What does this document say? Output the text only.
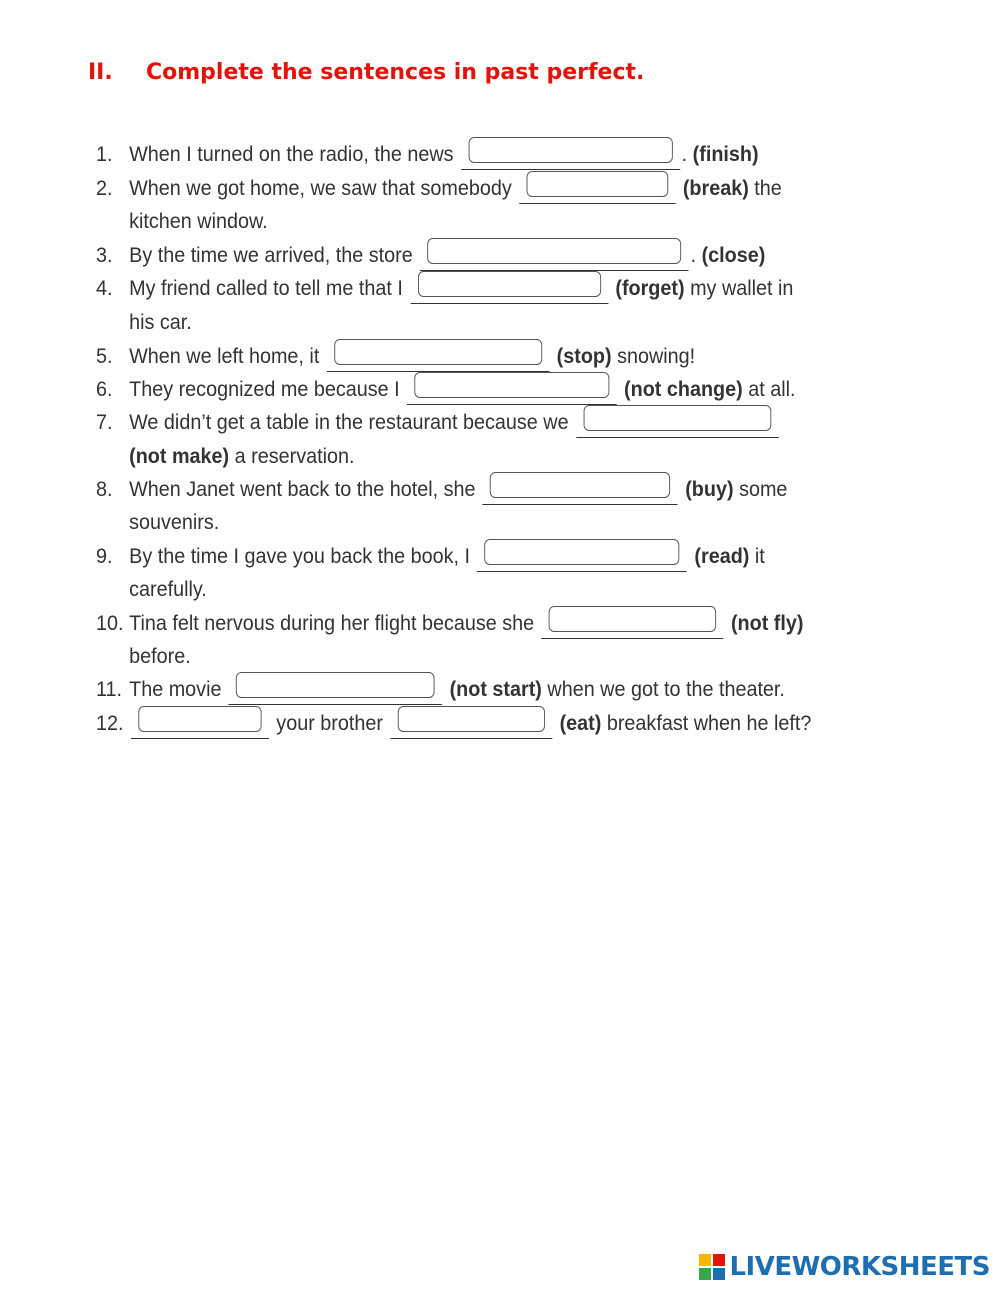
II. Complete the sentences in past perfect.
1. When I turned on the radio, the news	. (finish)
2. When we got home, we saw that somebody	(break) the
kitchen window.
3. By the time we arrived, the store	. (close)
4. My friend called to tell me that I	(forget) my wallet in
his car.
5. When we left home, it	(stop) snowing!
6. They recognized me because I	(not change) at all.
7. We didn’t get a table in the restaurant because we
(not make) a reservation.
8. When Janet went back to the hotel, she	(buy) some
souvenirs.
9. By the time I gave you back the book, I	(read) it
carefully.
10. Tina felt nervous during her flight because she	(not fly)
before.
11. The movie	(not start) when we got to the theater.
12.	your brother	(eat) breakfast when he left?
LIVEWORKSHEETS
